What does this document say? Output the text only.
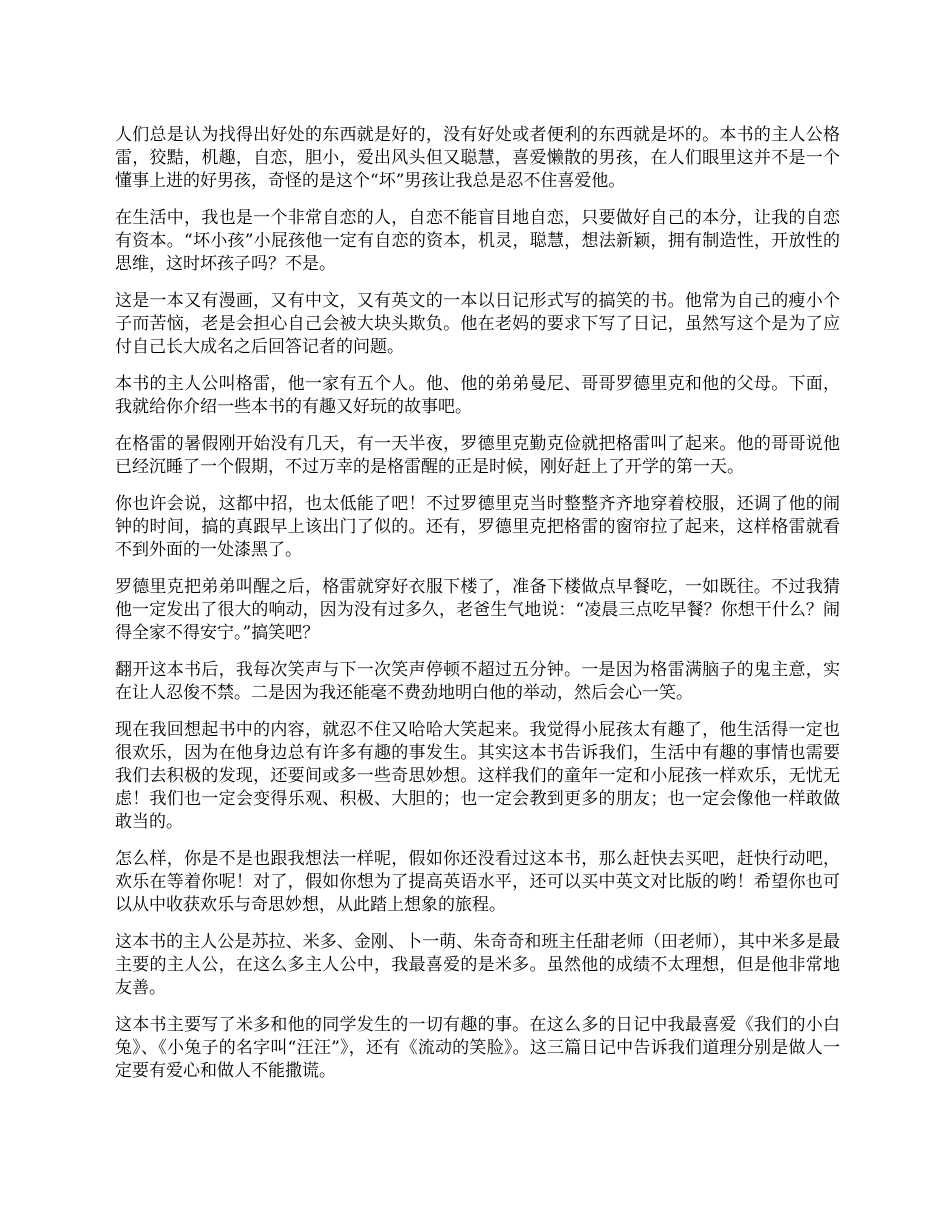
人们总是认为找得出好处的东西就是好的，没有好处或者便利的东西就是坏的。本书的主人公格雷，狡黠，机趣，自恋，胆小，爱出风头但又聪慧，喜爱懒散的男孩，在人们眼里这并不是一个懂事上进的好男孩，奇怪的是这个“坏”男孩让我总是忍不住喜爱他。

在生活中，我也是一个非常自恋的人，自恋不能盲目地自恋，只要做好自己的本分，让我的自恋有资本。“坏小孩”小屁孩他一定有自恋的资本，机灵，聪慧，想法新颖，拥有制造性，开放性的思维，这时坏孩子吗？不是。

这是一本又有漫画，又有中文，又有英文的一本以日记形式写的搞笑的书。他常为自己的瘦小个子而苦恼，老是会担心自己会被大块头欺负。他在老妈的要求下写了日记，虽然写这个是为了应付自己长大成名之后回答记者的问题。

本书的主人公叫格雷，他一家有五个人。他、他的弟弟曼尼、哥哥罗德里克和他的父母。下面，我就给你介绍一些本书的有趣又好玩的故事吧。

在格雷的暑假刚开始没有几天，有一天半夜，罗德里克勤克俭就把格雷叫了起来。他的哥哥说他已经沉睡了一个假期，不过万幸的是格雷醒的正是时候，刚好赶上了开学的第一天。

你也许会说，这都中招，也太低能了吧！不过罗德里克当时整整齐齐地穿着校服，还调了他的闹钟的时间，搞的真跟早上该出门了似的。还有，罗德里克把格雷的窗帘拉了起来，这样格雷就看不到外面的一处漆黑了。

罗德里克把弟弟叫醒之后，格雷就穿好衣服下楼了，准备下楼做点早餐吃，一如既往。不过我猜他一定发出了很大的响动，因为没有过多久，老爸生气地说：“凌晨三点吃早餐？你想干什么？闹得全家不得安宁。”搞笑吧？

翻开这本书后，我每次笑声与下一次笑声停顿不超过五分钟。一是因为格雷满脑子的鬼主意，实在让人忍俊不禁。二是因为我还能毫不费劲地明白他的举动，然后会心一笑。

现在我回想起书中的内容，就忍不住又哈哈大笑起来。我觉得小屁孩太有趣了，他生活得一定也很欢乐，因为在他身边总有许多有趣的事发生。其实这本书告诉我们，生活中有趣的事情也需要我们去积极的发现，还要间或多一些奇思妙想。这样我们的童年一定和小屁孩一样欢乐，无忧无虑！我们也一定会变得乐观、积极、大胆的；也一定会教到更多的朋友；也一定会像他一样敢做敢当的。

怎么样，你是不是也跟我想法一样呢，假如你还没看过这本书，那么赶快去买吧，赶快行动吧，欢乐在等着你呢！对了，假如你想为了提高英语水平，还可以买中英文对比版的哟！希望你也可以从中收获欢乐与奇思妙想，从此踏上想象的旅程。

这本书的主人公是苏拉、米多、金刚、卜一萌、朱奇奇和班主任甜老师（田老师），其中米多是最主要的主人公，在这么多主人公中，我最喜爱的是米多。虽然他的成绩不太理想，但是他非常地友善。

这本书主要写了米多和他的同学发生的一切有趣的事。在这么多的日记中我最喜爱《我们的小白兔》、《小兔子的名字叫“汪汪”》，还有《流动的笑脸》。这三篇日记中告诉我们道理分别是做人一定要有爱心和做人不能撒谎。
